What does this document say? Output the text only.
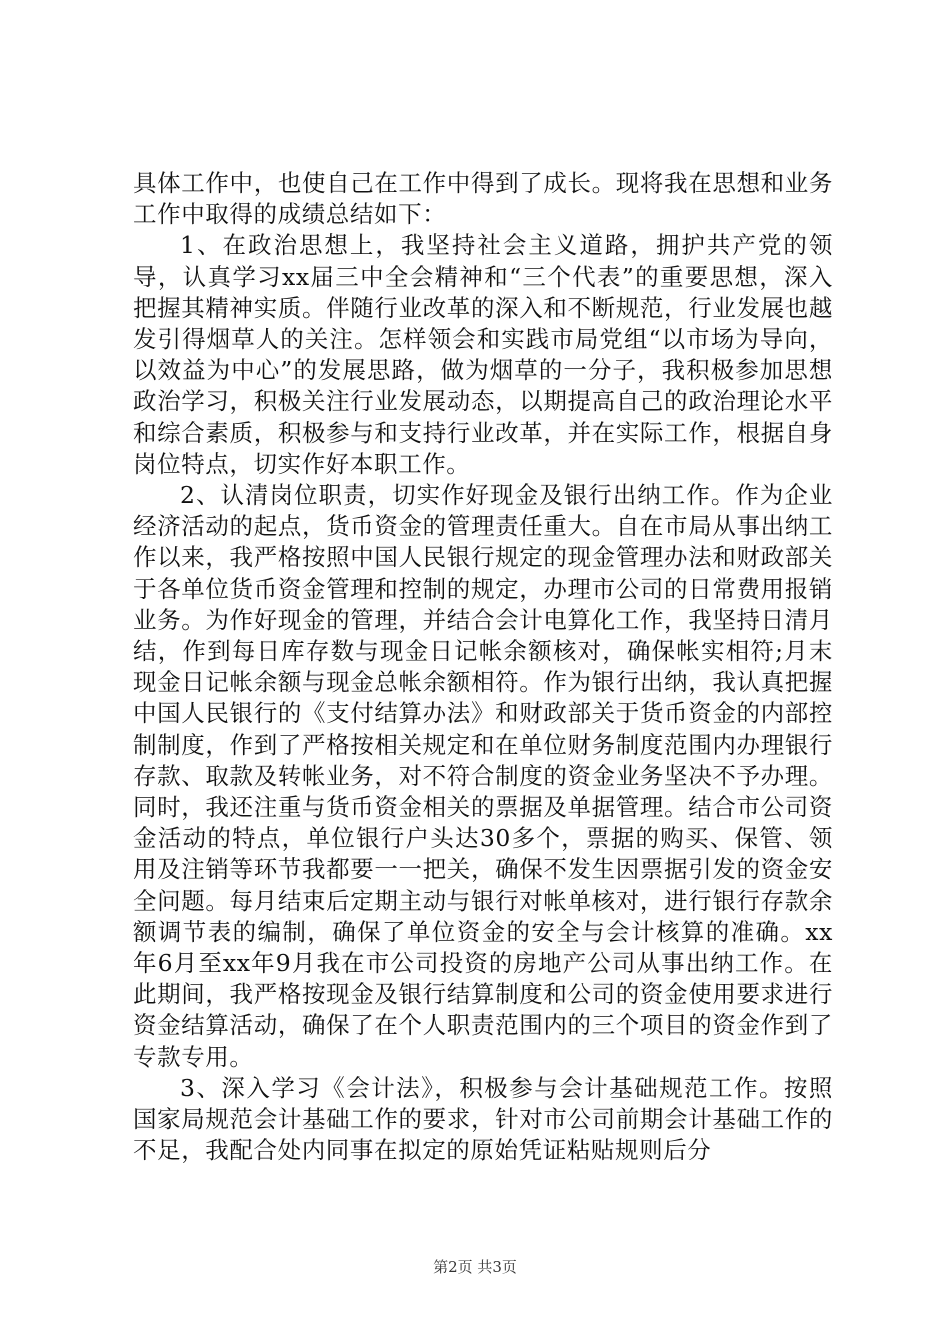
具体工作中，也使自己在工作中得到了成长。现将我在思想和业务工作中取得的成绩总结如下：

1、在政治思想上，我坚持社会主义道路，拥护共产党的领导，认真学习xx届三中全会精神和“三个代表”的重要思想，深入把握其精神实质。伴随行业改革的深入和不断规范，行业发展也越发引得烟草人的关注。怎样领会和实践市局党组“以市场为导向，以效益为中心”的发展思路，做为烟草的一分子，我积极参加思想政治学习，积极关注行业发展动态，以期提高自己的政治理论水平和综合素质，积极参与和支持行业改革，并在实际工作，根据自身岗位特点，切实作好本职工作。

2、认清岗位职责，切实作好现金及银行出纳工作。作为企业经济活动的起点，货币资金的管理责任重大。自在市局从事出纳工作以来，我严格按照中国人民银行规定的现金管理办法和财政部关于各单位货币资金管理和控制的规定，办理市公司的日常费用报销业务。为作好现金的管理，并结合会计电算化工作，我坚持日清月结，作到每日库存数与现金日记帐余额核对，确保帐实相符;月末现金日记帐余额与现金总帐余额相符。作为银行出纳，我认真把握中国人民银行的《支付结算办法》和财政部关于货币资金的内部控制制度，作到了严格按相关规定和在单位财务制度范围内办理银行存款、取款及转帐业务，对不符合制度的资金业务坚决不予办理。同时，我还注重与货币资金相关的票据及单据管理。结合市公司资金活动的特点，单位银行户头达30多个，票据的购买、保管、领用及注销等环节我都要一一把关，确保不发生因票据引发的资金安全问题。每月结束后定期主动与银行对帐单核对，进行银行存款余额调节表的编制，确保了单位资金的安全与会计核算的准确。xx年6月至xx年9月我在市公司投资的房地产公司从事出纳工作。在此期间，我严格按现金及银行结算制度和公司的资金使用要求进行资金结算活动，确保了在个人职责范围内的三个项目的资金作到了专款专用。

3、深入学习《会计法》，积极参与会计基础规范工作。按照国家局规范会计基础工作的要求，针对市公司前期会计基础工作的不足，我配合处内同事在拟定的原始凭证粘贴规则后分

第2页 共3页
